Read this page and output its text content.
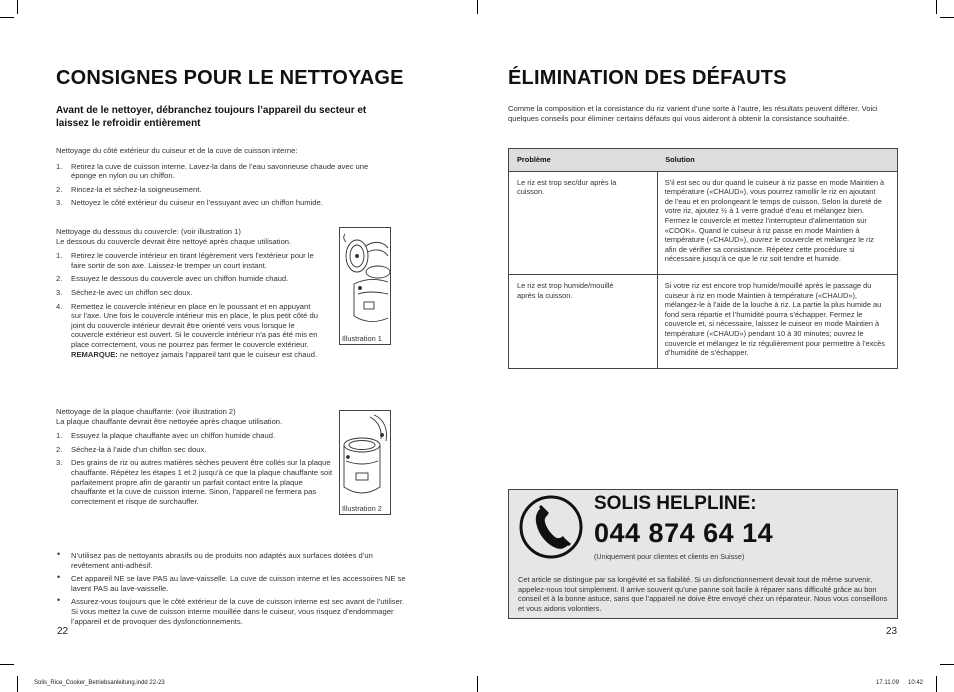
CONSIGNES POUR LE NETTOYAGE
Avant de le nettoyer, débranchez toujours l’appareil du secteur et laissez le refroidir entièrement
Nettoyage du côté extérieur du cuiseur et de la cuve de cuisson interne:
1. Retirez la cuve de cuisson interne. Lavez-la dans de l’eau savonneuse chaude avec une éponge en nylon ou un chiffon.
2. Rincez-la et séchez-la soigneusement.
3. Nettoyez le côté extérieur du cuiseur en l’essuyant avec un chiffon humide.
Nettoyage du dessous du couvercle: (voir illustration 1)
Le dessous du couvercle devrait être nettoyé après chaque utilisation.
1. Retirez le couvercle intérieur en tirant légèrement vers l’extérieur pour le faire sortir de son axe. Laissez-le tremper un court instant.
2. Essuyez le dessous du couvercle avec un chiffon humide chaud.
3. Séchez-le avec un chiffon sec doux.
4. Remettez le couvercle intérieur en place en le poussant et en appuyant sur l’axe. Une fois le couvercle intérieur mis en place, le plus petit côté du joint du couvercle intérieur devrait être orienté vers vous lorsque le couvercle extérieur est ouvert. Si le couvercle intérieur n’a pas été mis en place correctement, vous ne pourrez pas fermer le couvercle extérieur.
REMARQUE: ne nettoyez jamais l’appareil tant que le cuiseur est chaud.
Illustration 1
Nettoyage de la plaque chauffante: (voir illustration 2)
La plaque chauffante devrait être nettoyée après chaque utilisation.
1. Essuyez la plaque chauffante avec un chiffon humide chaud.
2. Séchez-la à l’aide d’un chiffon sec doux.
3. Des grains de riz ou autres matières sèches peuvent être collés sur la plaque chauffante. Répétez les étapes 1 et 2 jusqu’à ce que la plaque chauffante soit parfaitement propre afin de garantir un parfait contact entre la plaque chauffante et la cuve de cuisson interne. Sinon, l’appareil ne fermera pas correctement et risque de surchauffer.
Illustration 2
• N’utilisez pas de nettoyants abrasifs ou de produits non adaptés aux surfaces dotées d’un revêtement anti-adhésif.
• Cet appareil NE se lave PAS au lave-vaisselle. La cuve de cuisson interne et les accessoires NE se lavent PAS au lave-vaisselle.
• Assurez-vous toujours que le côté extérieur de la cuve de cuisson interne est sec avant de l’utiliser. Si vous mettez la cuve de cuisson interne mouillée dans le cuiseur, vous risquez d’endommager l’appareil et de provoquer des dysfonctionnements.
22
ÉLIMINATION DES DÉFAUTS
Comme la composition et la consistance du riz varient d’une sorte à l’autre, les résultats peuvent différer. Voici quelques conseils pour éliminer certains défauts qui vous aideront à obtenir la consistance souhaitée.
Problème	Solution
Le riz est trop sec/dur après la cuisson.	S’il est sec ou dur quand le cuiseur à riz passe en mode Maintien à température («CHAUD»), vous pourrez ramollir le riz en ajoutant de l’eau et en prolongeant le temps de cuisson. Selon la dureté de votre riz, ajoutez ½ à 1 verre gradué d’eau et mélangez bien. Fermez le couvercle et mettez l’interrupteur d’alimentation sur «COOK». Quand le cuiseur à riz passe en mode Maintien à température («CHAUD»), ouvrez le couvercle et mélangez le riz afin de vérifier sa consistance. Répétez cette procédure si nécessaire jusqu’à ce que le riz soit tendre et humide.
Le riz est trop humide/mouillé après la cuisson.	Si votre riz est encore trop humide/mouillé après le passage du cuiseur à riz en mode Maintien à température («CHAUD»), mélangez-le à l’aide de la louche à riz. La partie la plus humide au fond sera répartie et l’humidité pourra s’échapper. Fermez le couvercle et, si nécessaire, laissez le cuiseur en mode Maintien à température («CHAUD») pendant 10 à 30 minutes; ouvrez le couvercle et mélangez le riz régulièrement pour permettre à l’excès d’humidité de s’échapper.
SOLIS HELPLINE:
044 874 64 14
(Uniquement pour clientes et clients en Suisse)
Cet article se distingue par sa longévité et sa fiabilité. Si un disfonctionnement devait tout de même survenir, appelez-nous tout simplement. Il arrive souvent qu’une panne soit facile à réparer sans difficulté grâce au bon conseil et à la bonne astuce, sans que l’appareil ne doive être envoyé chez un réparateur. Nous vous conseillons et vous aidons volontiers.
23
Solis_Rice_Cooker_Betriebsanleitung.indd 22-23	17.11.09 10:42
